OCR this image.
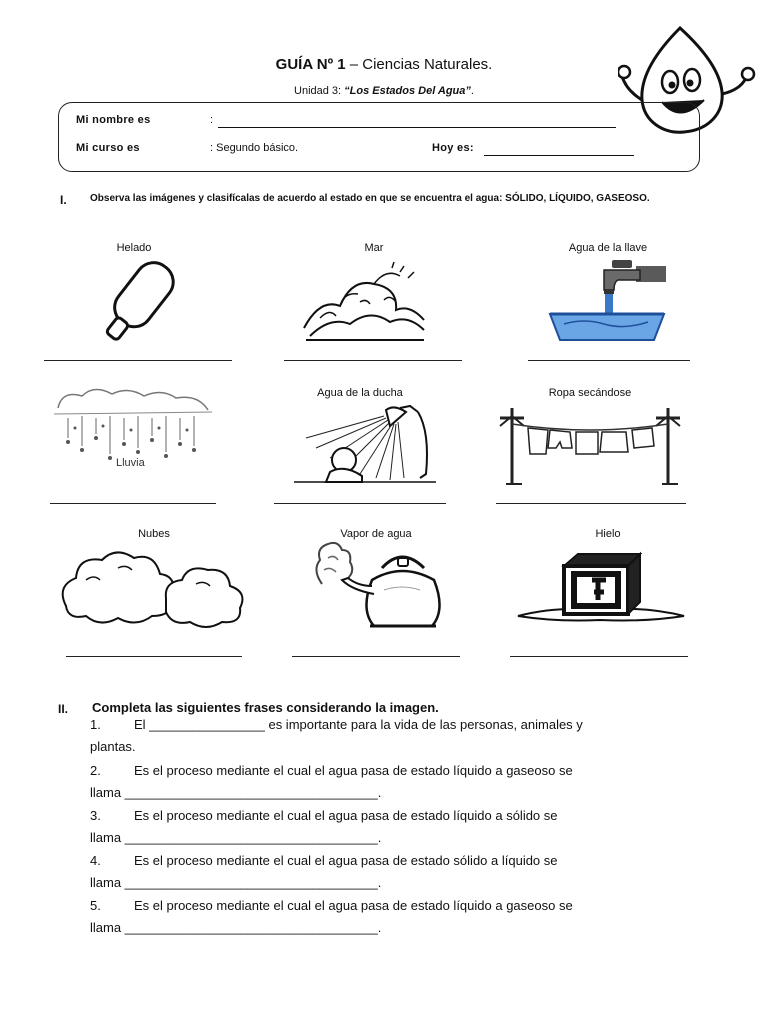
GUÍA Nº 1 – Ciencias Naturales.
Unidad 3: “Los Estados Del Agua”.
Mi nombre es	:
Mi curso es	: Segundo básico.	Hoy es:
I. Observa las imágenes y clasifícalas de acuerdo al estado en que se encuentra el agua: SÓLIDO, LÍQUIDO, GASEOSO.
Helado	Mar	Agua de la llave
Agua de la ducha	Ropa secándose
Lluvia
Nubes	Vapor de agua	Hielo
II. Completa las siguientes frases considerando la imagen.
1.	El ________________ es importante para la vida de las personas, animales y
plantas.
2.	Es el proceso mediante el cual el agua pasa de estado líquido a gaseoso se
llama ___________________________________.
3.	Es el proceso mediante el cual el agua pasa de estado líquido a sólido se
llama ___________________________________.
4.	Es el proceso mediante el cual el agua pasa de estado sólido a líquido se
llama ___________________________________.
5.	Es el proceso mediante el cual el agua pasa de estado líquido a gaseoso se
llama ___________________________________.
